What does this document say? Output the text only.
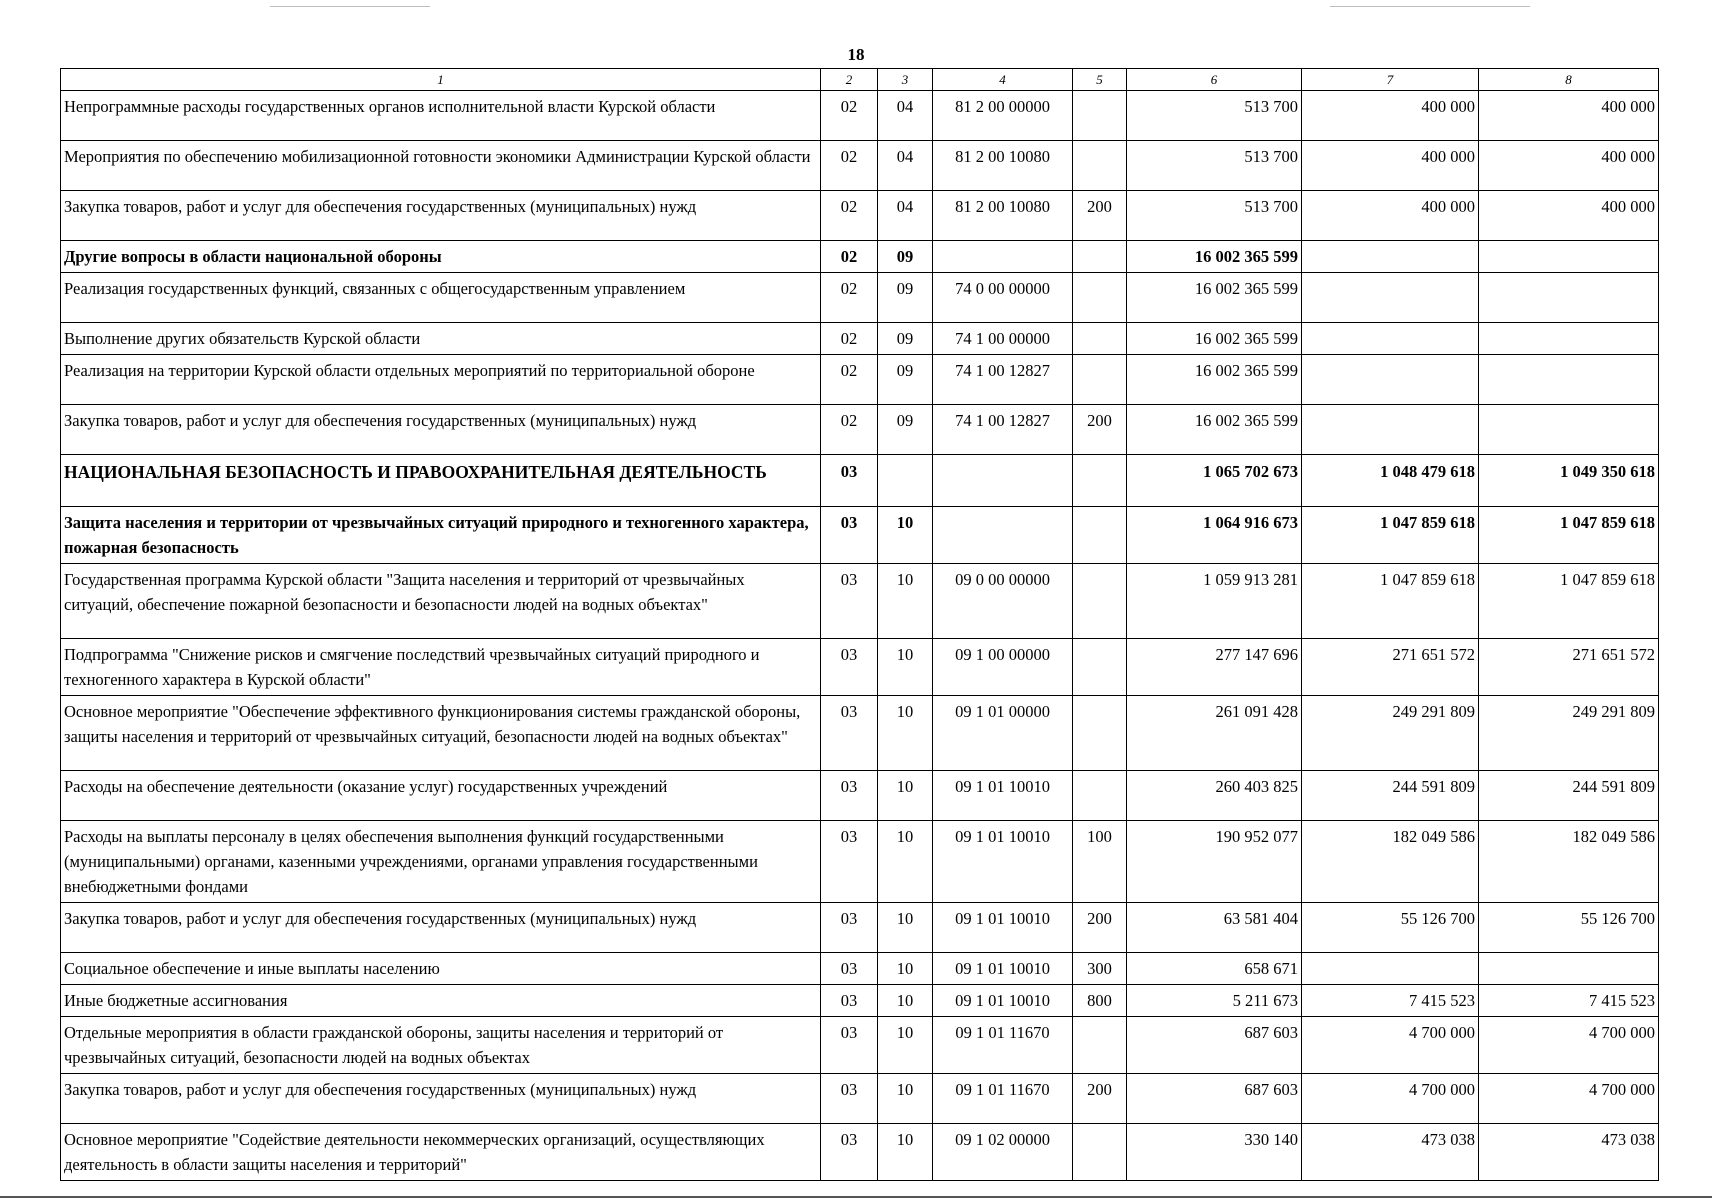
18
1	2	3	4	5	6	7	8
Непрограммные расходы государственных органов исполнительной власти Курской области	02	04	81 2 00 00000		513 700	400 000	400 000
Мероприятия по обеспечению мобилизационной готовности экономики Администрации Курской области	02	04	81 2 00 10080		513 700	400 000	400 000
Закупка товаров, работ и услуг для обеспечения государственных (муниципальных) нужд	02	04	81 2 00 10080	200	513 700	400 000	400 000
Другие вопросы в области национальной обороны	02	09			16 002 365 599		
Реализация государственных функций, связанных с общегосударственным управлением	02	09	74 0 00 00000		16 002 365 599		
Выполнение других обязательств Курской области	02	09	74 1 00 00000		16 002 365 599		
Реализация на территории Курской области отдельных мероприятий по территориальной обороне	02	09	74 1 00 12827		16 002 365 599		
Закупка товаров, работ и услуг для обеспечения государственных (муниципальных) нужд	02	09	74 1 00 12827	200	16 002 365 599		
НАЦИОНАЛЬНАЯ БЕЗОПАСНОСТЬ И ПРАВООХРАНИТЕЛЬНАЯ ДЕЯТЕЛЬНОСТЬ	03				1 065 702 673	1 048 479 618	1 049 350 618
Защита населения и территории от чрезвычайных ситуаций природного и техногенного характера, пожарная безопасность	03	10			1 064 916 673	1 047 859 618	1 047 859 618
Государственная программа Курской области "Защита населения и территорий от чрезвычайных ситуаций, обеспечение пожарной безопасности и безопасности людей на водных объектах"	03	10	09 0 00 00000		1 059 913 281	1 047 859 618	1 047 859 618
Подпрограмма "Снижение рисков и смягчение последствий чрезвычайных ситуаций природного и техногенного характера в Курской области"	03	10	09 1 00 00000		277 147 696	271 651 572	271 651 572
Основное мероприятие "Обеспечение эффективного функционирования системы гражданской обороны, защиты населения и территорий от чрезвычайных ситуаций, безопасности людей на водных объектах"	03	10	09 1 01 00000		261 091 428	249 291 809	249 291 809
Расходы на обеспечение деятельности (оказание услуг) государственных учреждений	03	10	09 1 01 10010		260 403 825	244 591 809	244 591 809
Расходы на выплаты персоналу в целях обеспечения выполнения функций государственными (муниципальными) органами, казенными учреждениями, органами управления государственными внебюджетными фондами	03	10	09 1 01 10010	100	190 952 077	182 049 586	182 049 586
Закупка товаров, работ и услуг для обеспечения государственных (муниципальных) нужд	03	10	09 1 01 10010	200	63 581 404	55 126 700	55 126 700
Социальное обеспечение и иные выплаты населению	03	10	09 1 01 10010	300	658 671		
Иные бюджетные ассигнования	03	10	09 1 01 10010	800	5 211 673	7 415 523	7 415 523
Отдельные мероприятия в области гражданской обороны, защиты населения и территорий от чрезвычайных ситуаций, безопасности людей на водных объектах	03	10	09 1 01 11670		687 603	4 700 000	4 700 000
Закупка товаров, работ и услуг для обеспечения государственных (муниципальных) нужд	03	10	09 1 01 11670	200	687 603	4 700 000	4 700 000
Основное мероприятие "Содействие деятельности некоммерческих организаций, осуществляющих деятельность в области защиты населения и территорий"	03	10	09 1 02 00000		330 140	473 038	473 038
